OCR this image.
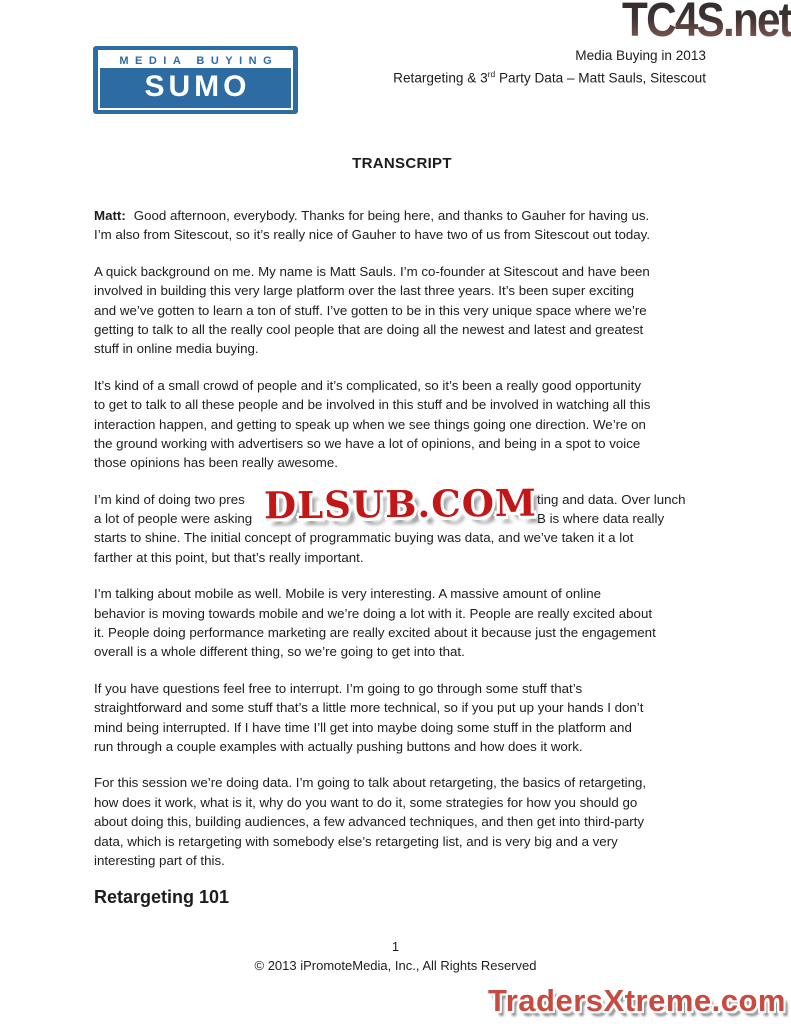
TC4S.net
Media Buying in 2013
Retargeting & 3rd Party Data – Matt Sauls, Sitescout
MEDIA BUYING
SUMO
TRANSCRIPT
Matt: Good afternoon, everybody. Thanks for being here, and thanks to Gauher for having us.
I’m also from Sitescout, so it’s really nice of Gauher to have two of us from Sitescout out today.
A quick background on me. My name is Matt Sauls. I’m co-founder at Sitescout and have been
involved in building this very large platform over the last three years. It’s been super exciting
and we’ve gotten to learn a ton of stuff. I’ve gotten to be in this very unique space where we’re
getting to talk to all the really cool people that are doing all the newest and latest and greatest
stuff in online media buying.
It’s kind of a small crowd of people and it’s complicated, so it’s been a really good opportunity
to get to talk to all these people and be involved in this stuff and be involved in watching all this
interaction happen, and getting to speak up when we see things going one direction. We’re on
the ground working with advertisers so we have a lot of opinions, and being in a spot to voice
those opinions has been really awesome.
I’m kind of doing two pres	ting and data. Over lunch
a lot of people were asking	B is where data really
starts to shine. The initial concept of programmatic buying was data, and we’ve taken it a lot
farther at this point, but that’s really important.
I’m talking about mobile as well. Mobile is very interesting. A massive amount of online
behavior is moving towards mobile and we’re doing a lot with it. People are really excited about
it. People doing performance marketing are really excited about it because just the engagement
overall is a whole different thing, so we’re going to get into that.
If you have questions feel free to interrupt. I’m going to go through some stuff that’s
straightforward and some stuff that’s a little more technical, so if you put up your hands I don’t
mind being interrupted. If I have time I’ll get into maybe doing some stuff in the platform and
run through a couple examples with actually pushing buttons and how does it work.
For this session we’re doing data. I’m going to talk about retargeting, the basics of retargeting,
how does it work, what is it, why do you want to do it, some strategies for how you should go
about doing this, building audiences, a few advanced techniques, and then get into third-party
data, which is retargeting with somebody else’s retargeting list, and is very big and a very
interesting part of this.
Retargeting 101
DLSUB.COM
1
© 2013 iPromoteMedia, Inc., All Rights Reserved
TradersXtreme.com
